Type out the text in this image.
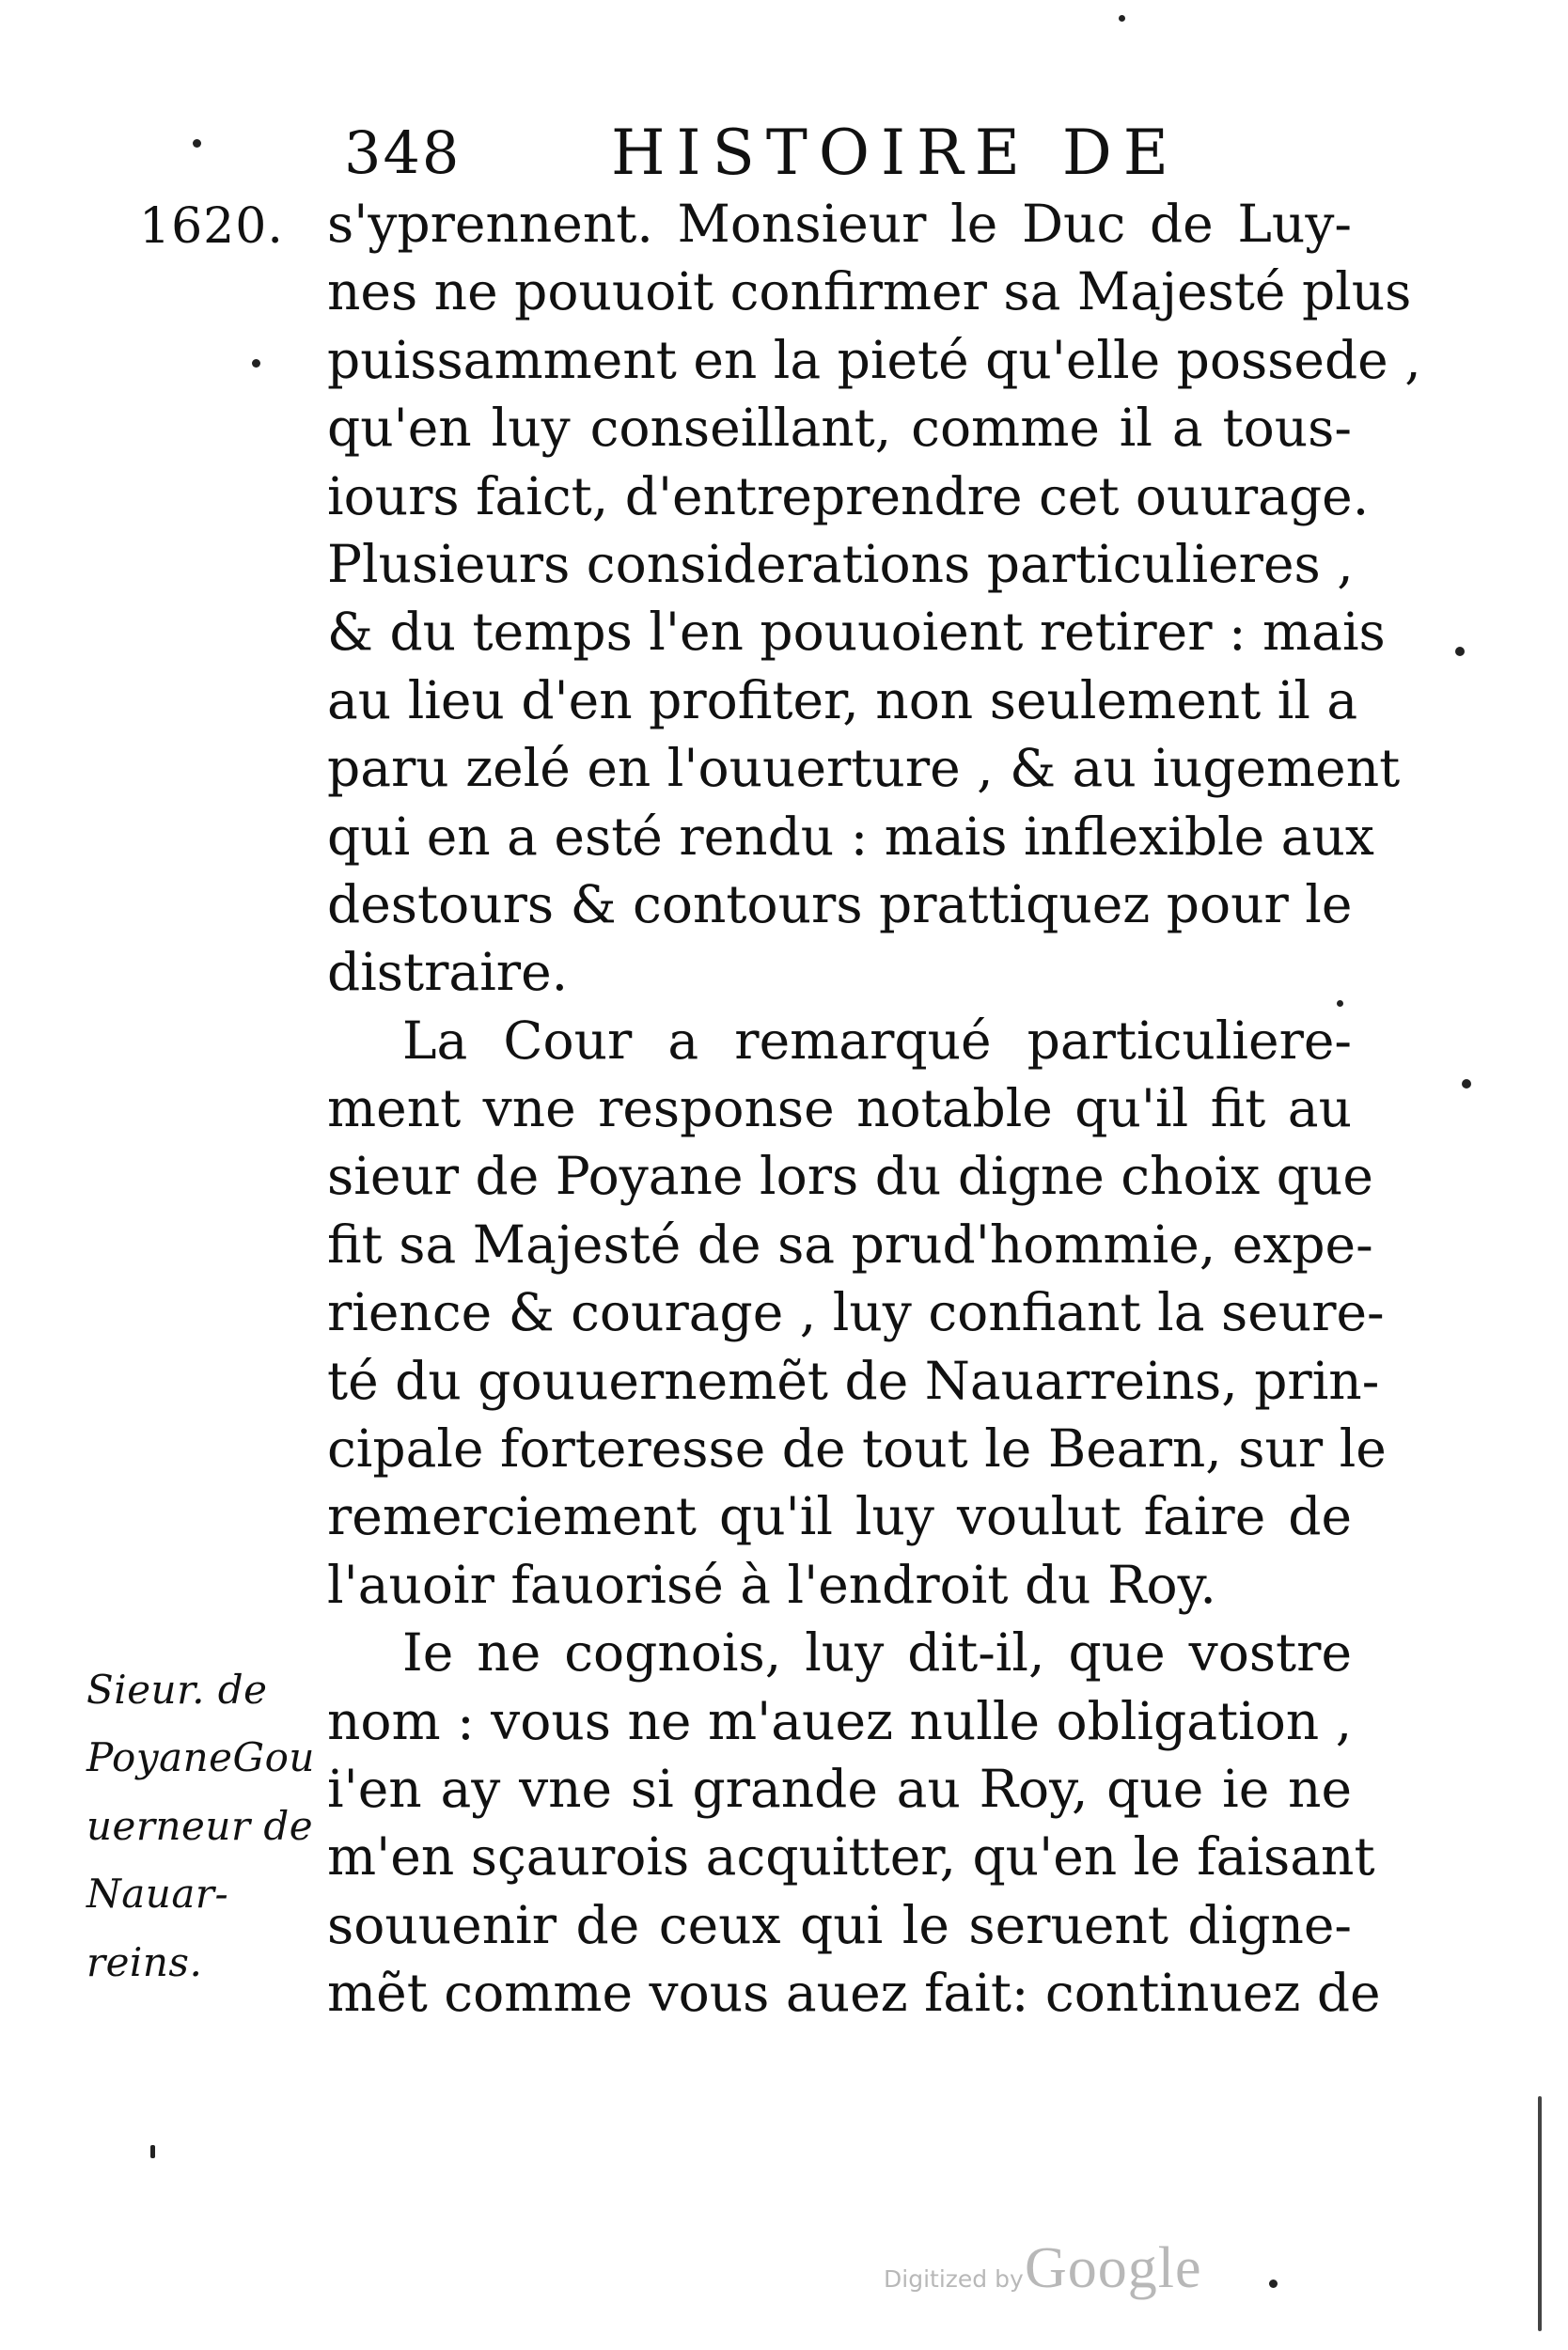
348 HISTOIRE DE
1620. s'yprennent. Monsieur le Duc de Luy-
nes ne pouuoit confirmer sa Majesté plus
puissamment en la pieté qu'elle possede ,
qu'en luy conseillant, comme il a tous-
iours faict, d'entreprendre cet ouurage.
Plusieurs considerations particulieres ,
& du temps l'en pouuoient retirer : mais
au lieu d'en profiter, non seulement il a
paru zelé en l'ouuerture , & au iugement
qui en a esté rendu : mais inflexible aux
destours & contours prattiquez pour le
distraire.
La Cour a remarqué particuliere-
ment vne response notable qu'il fit au
sieur de Poyane lors du digne choix que
fit sa Majesté de sa prud'hommie, expe-
rience & courage , luy confiant la seure-
té du gouuernemẽt de Nauarreins, prin-
cipale forteresse de tout le Bearn, sur le
remerciement qu'il luy voulut faire de
l'auoir fauorisé à l'endroit du Roy.
Ie ne cognois, luy dit-il, que vostre
nom : vous ne m'auez nulle obligation ,
i'en ay vne si grande au Roy, que ie ne
m'en sçaurois acquitter, qu'en le faisant
souuenir de ceux qui le seruent digne-
mẽt comme vous auez fait: continuez de
Sieur. de
PoyaneGou
uerneur de
Nauar-
reins.
Digitized by Google
